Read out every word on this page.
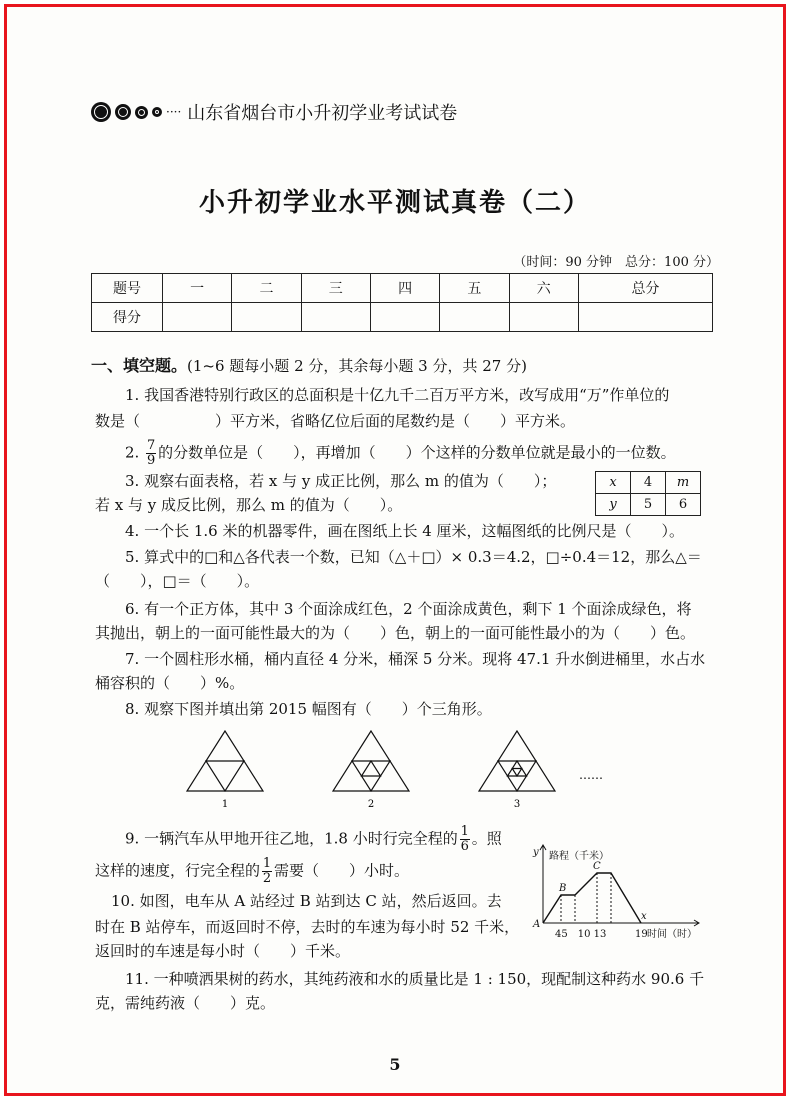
···· 山东省烟台市小升初学业考试试卷
小升初学业水平测试真卷（二）
（时间：90 分钟　总分：100 分）
题号	一	二	三	四	五	六	总分
得分							
一、填空题。(1~6 题每小题 2 分，其余每小题 3 分，共 27 分)
1. 我国香港特别行政区的总面积是十亿九千二百万平方米，改写成用“万”作单位的
数是（　　　　　）平方米，省略亿位后面的尾数约是（　　）平方米。
2. $\frac{7}{9}$ 的分数单位是（　　），再增加（　　）个这样的分数单位就是最小的一位数。
3. 观察右面表格，若 x 与 y 成正比例，那么 m 的值为（　　）；
若 x 与 y 成反比例，那么 m 的值为（　　）。
x	4	m
y	5	6
4. 一个长 1.6 米的机器零件，画在图纸上长 4 厘米，这幅图纸的比例尺是（　　）。
5. 算式中的□和△各代表一个数，已知（△＋□）× 0.3＝4.2，□÷0.4＝12，那么△＝
（　　），□＝（　　）。
6. 有一个正方体，其中 3 个面涂成红色，2 个面涂成黄色，剩下 1 个面涂成绿色，将
其抛出，朝上的一面可能性最大的为（　　）色，朝上的一面可能性最小的为（　　）色。
7. 一个圆柱形水桶，桶内直径 4 分米，桶深 5 分米。现将 47.1 升水倒进桶里，水占水
桶容积的（　　）%。
8. 观察下图并填出第 2015 幅图有（　　）个三角形。
1	2	3
……
9. 一辆汽车从甲地开往乙地，1.8 小时行完全程的 $\frac{1}{6}$ 。照
这样的速度，行完全程的 $\frac{1}{2}$ 需要（　　）小时。
10. 如图，电车从 A 站经过 B 站到达 C 站，然后返回。去
时在 B 站停车，而返回时不停，去时的车速为每小时 52 千米，
返回时的车速是每小时（　　）千米。
y 路程（千米）
A
B
C
x
45　10 13	19 时间（时）
11. 一种喷洒果树的药水，其纯药液和水的质量比是 1 : 150，现配制这种药水 90.6 千
克，需纯药液（　　）克。
5
